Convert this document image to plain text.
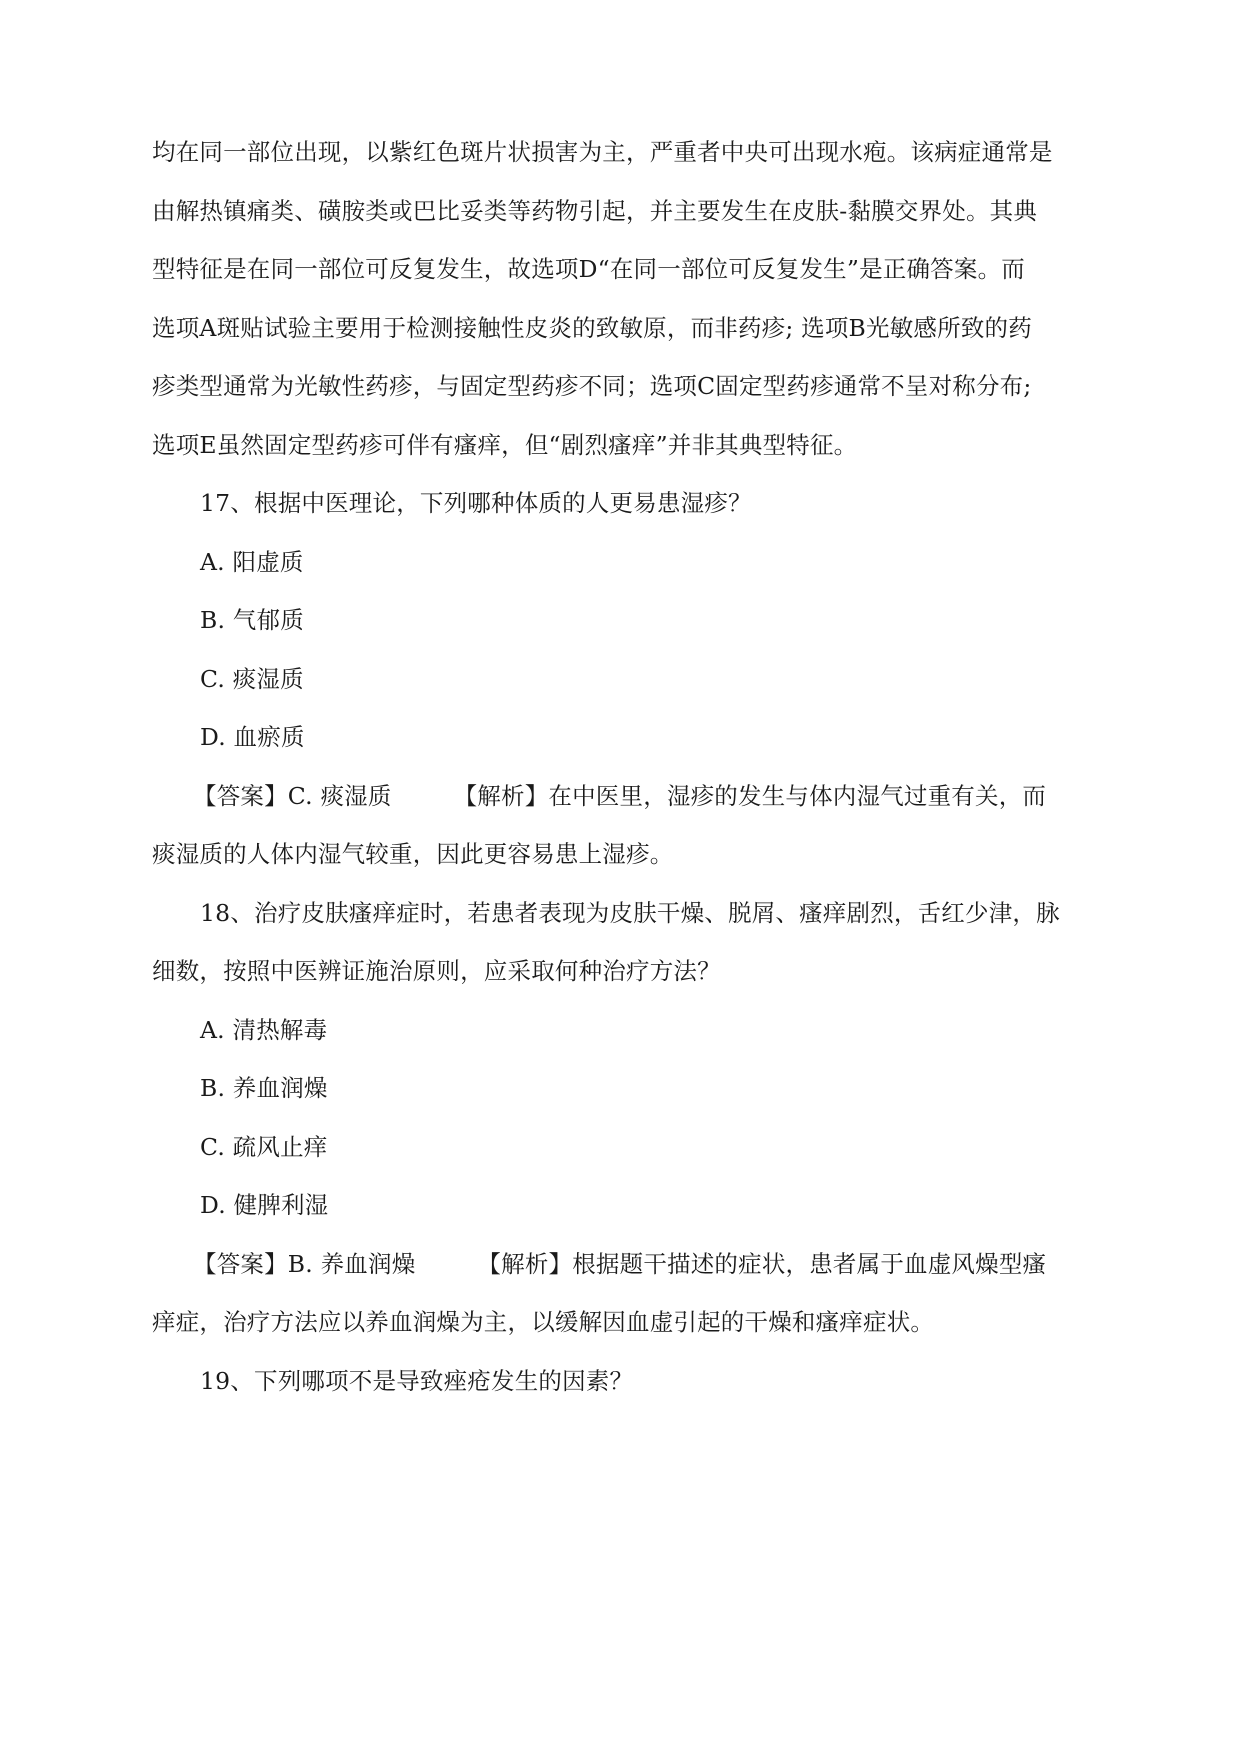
均在同一部位出现，以紫红色斑片状损害为主，严重者中央可出现水疱。该病症通常是
由解热镇痛类、磺胺类或巴比妥类等药物引起，并主要发生在皮肤-黏膜交界处。其典
型特征是在同一部位可反复发生，故选项D“在同一部位可反复发生”是正确答案。而
选项A斑贴试验主要用于检测接触性皮炎的致敏原，而非药疹; 选项B光敏感所致的药
疹类型通常为光敏性药疹，与固定型药疹不同；选项C固定型药疹通常不呈对称分布;
选项E虽然固定型药疹可伴有瘙痒，但“剧烈瘙痒”并非其典型特征。
17、根据中医理论，下列哪种体质的人更易患湿疹？
A. 阳虚质
B. 气郁质
C. 痰湿质
D. 血瘀质
【答案】C. 痰湿质	【解析】在中医里，湿疹的发生与体内湿气过重有关，而
痰湿质的人体内湿气较重，因此更容易患上湿疹。
18、治疗皮肤瘙痒症时，若患者表现为皮肤干燥、脱屑、瘙痒剧烈，舌红少津，脉
细数，按照中医辨证施治原则，应采取何种治疗方法？
A. 清热解毒
B. 养血润燥
C. 疏风止痒
D. 健脾利湿
【答案】B. 养血润燥	【解析】根据题干描述的症状，患者属于血虚风燥型瘙
痒症，治疗方法应以养血润燥为主，以缓解因血虚引起的干燥和瘙痒症状。
19、下列哪项不是导致痤疮发生的因素？
